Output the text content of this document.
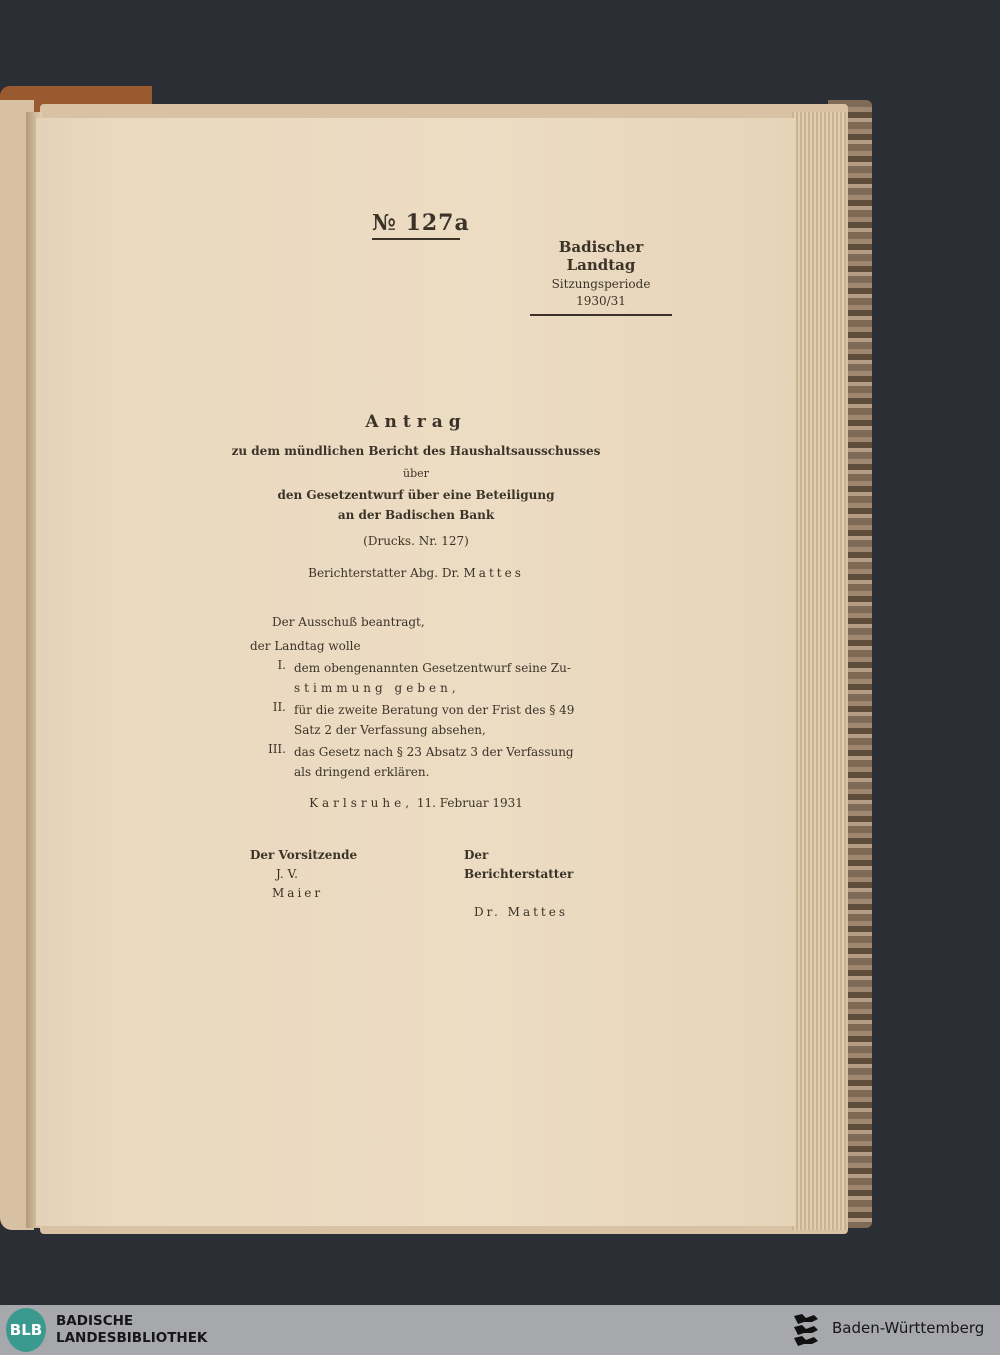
№ 127a
Badischer Landtag
Sitzungsperiode
1930/31
Antrag
zu dem mündlichen Bericht des Haushaltsausschusses
über
den Gesetzentwurf über eine Beteiligung
an der Badischen Bank
(Drucks. Nr. 127)
Berichterstatter Abg. Dr. Mattes
Der Ausschuß beantragt,
der Landtag wolle
I. dem obengenannten Gesetzentwurf seine Zu-
stimmung geben,
II. für die zweite Beratung von der Frist des § 49
Satz 2 der Verfassung absehen,
III. das Gesetz nach § 23 Absatz 3 der Verfassung
als dringend erklären.
Karlsruhe, 11. Februar 1931
Der Vorsitzende
J. V.
Maier
Der Berichterstatter
Dr. Mattes
BLB BADISCHE
LANDESBIBLIOTHEK
Baden-Württemberg
